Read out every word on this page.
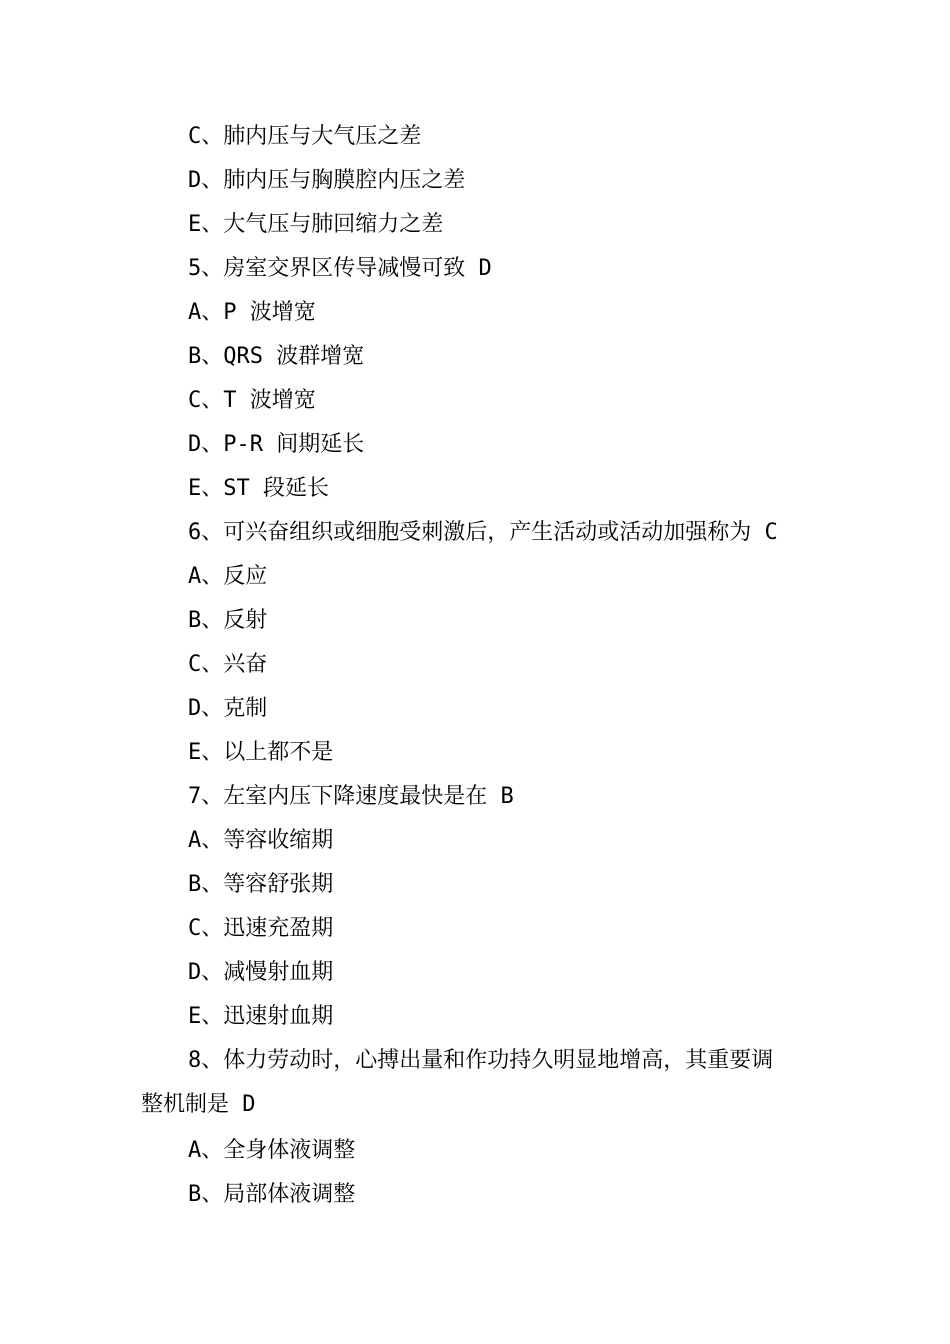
C、肺内压与大气压之差
D、肺内压与胸膜腔内压之差
E、大气压与肺回缩力之差
5、房室交界区传导减慢可致 D
A、P 波增宽
B、QRS 波群增宽
C、T 波增宽
D、P-R 间期延长
E、ST 段延长
6、可兴奋组织或细胞受刺激后，产生活动或活动加强称为 C
A、反应
B、反射
C、兴奋
D、克制
E、以上都不是
7、左室内压下降速度最快是在 B
A、等容收缩期
B、等容舒张期
C、迅速充盈期
D、减慢射血期
E、迅速射血期
8、体力劳动时，心搏出量和作功持久明显地增高，其重要调
整机制是 D
A、全身体液调整
B、局部体液调整
